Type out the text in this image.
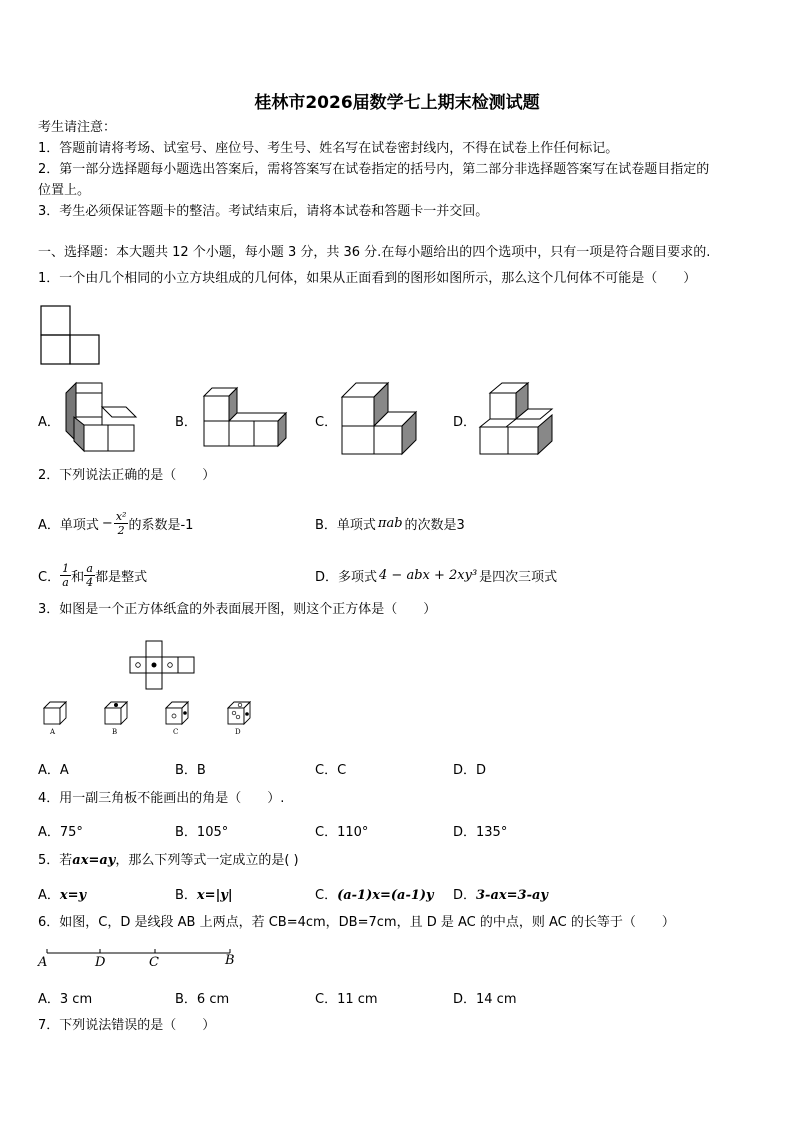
桂林市2026届数学七上期末检测试题
考生请注意：
1．答题前请将考场、试室号、座位号、考生号、姓名写在试卷密封线内，不得在试卷上作任何标记。
2．第一部分选择题每小题选出答案后，需将答案写在试卷指定的括号内，第二部分非选择题答案写在试卷题目指定的
位置上。
3．考生必须保证答题卡的整洁。考试结束后，请将本试卷和答题卡一并交回。
一、选择题：本大题共 12 个小题，每小题 3 分，共 36 分.在每小题给出的四个选项中，只有一项是符合题目要求的.
1．一个由几个相同的小立方块组成的几何体，如果从正面看到的图形如图所示，那么这个几何体不可能是（　　）
A．	B．	C．	D．
2．下列说法正确的是（　　）
A．单项式 − $\frac{\text{x²}}{2}$ 的系数是-1	B．单项式 πab 的次数是3
C． $\frac{1}{a}$ 和 $\frac{a}{4}$ 都是整式	D．多项式 4 − abx + 2xy³ 是四次三项式
3．如图是一个正方体纸盒的外表面展开图，则这个正方体是（　　）
A	B	C	D
A．A	B．B	C．C	D．D
4．用一副三角板不能画出的角是（　　）.
A．75°	B．105°	C．110°	D．135°
5．若ax=ay，那么下列等式一定成立的是( )
A．x=y	B．x=|y|	C．(a-1)x=(a-1)y D．3-ax=3-ay
6．如图，C，D 是线段 AB 上两点，若 CB=4cm，DB=7cm，且 D 是 AC 的中点，则 AC 的长等于（　　）
A	D	C	B
A．3 cm	B．6 cm	C．11 cm	D．14 cm
7．下列说法错误的是（　　）
